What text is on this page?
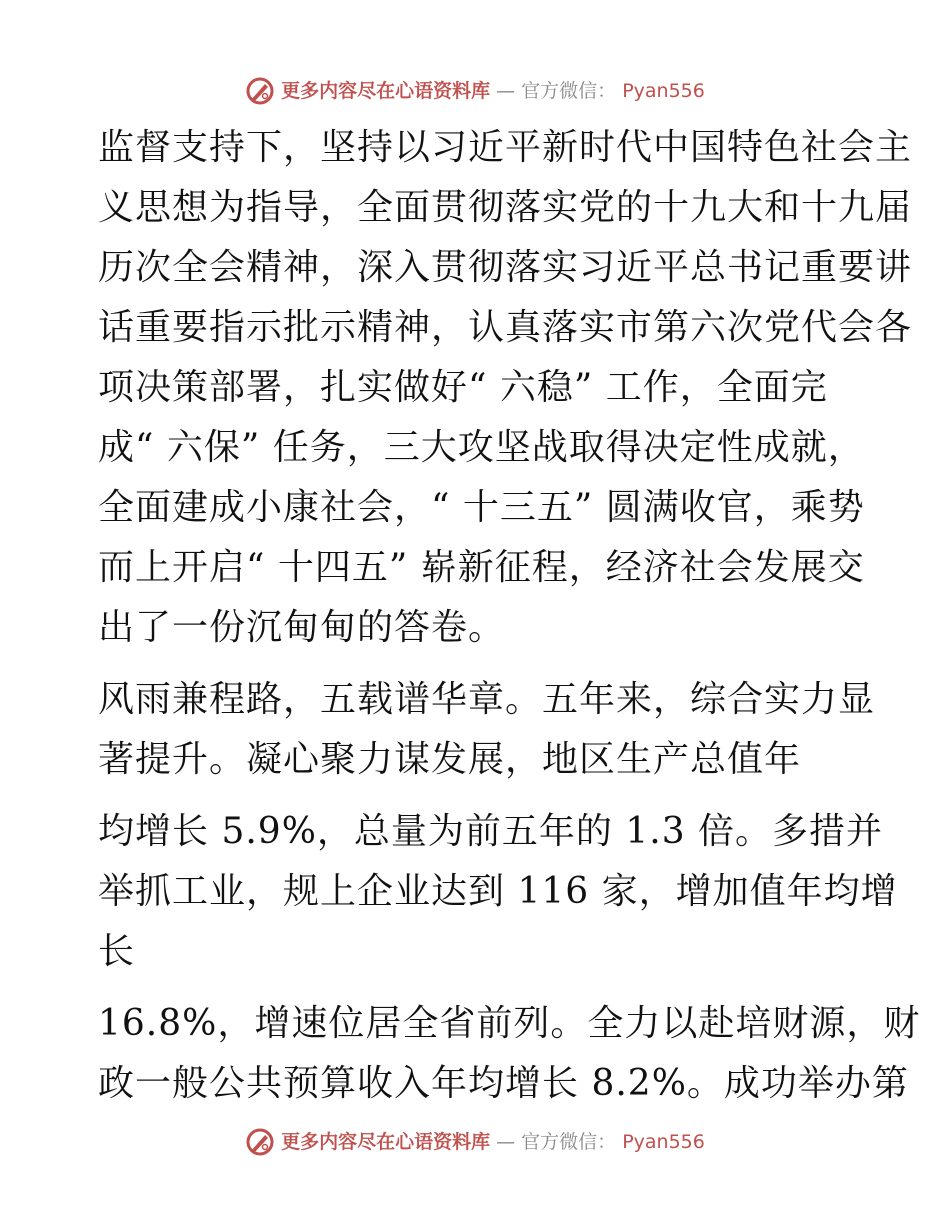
更多内容尽在心语资料库 — 官方微信： Pyan556
监督支持下，坚持以习近平新时代中国特色社会主
义思想为指导，全面贯彻落实党的十九大和十九届
历次全会精神，深入贯彻落实习近平总书记重要讲
话重要指示批示精神，认真落实市第六次党代会各
项决策部署，扎实做好“ 六稳” 工作，全面完
成“ 六保” 任务，三大攻坚战取得决定性成就，
全面建成小康社会，“ 十三五” 圆满收官，乘势
而上开启“ 十四五” 崭新征程，经济社会发展交
出了一份沉甸甸的答卷。
风雨兼程路，五载谱华章。五年来，综合实力显
著提升。凝心聚力谋发展，地区生产总值年
均增长 5.9%，总量为前五年的 1.3 倍。多措并
举抓工业，规上企业达到 116 家，增加值年均增
长
16.8%，增速位居全省前列。全力以赴培财源，财
政一般公共预算收入年均增长 8.2%。成功举办第
更多内容尽在心语资料库 — 官方微信： Pyan556
